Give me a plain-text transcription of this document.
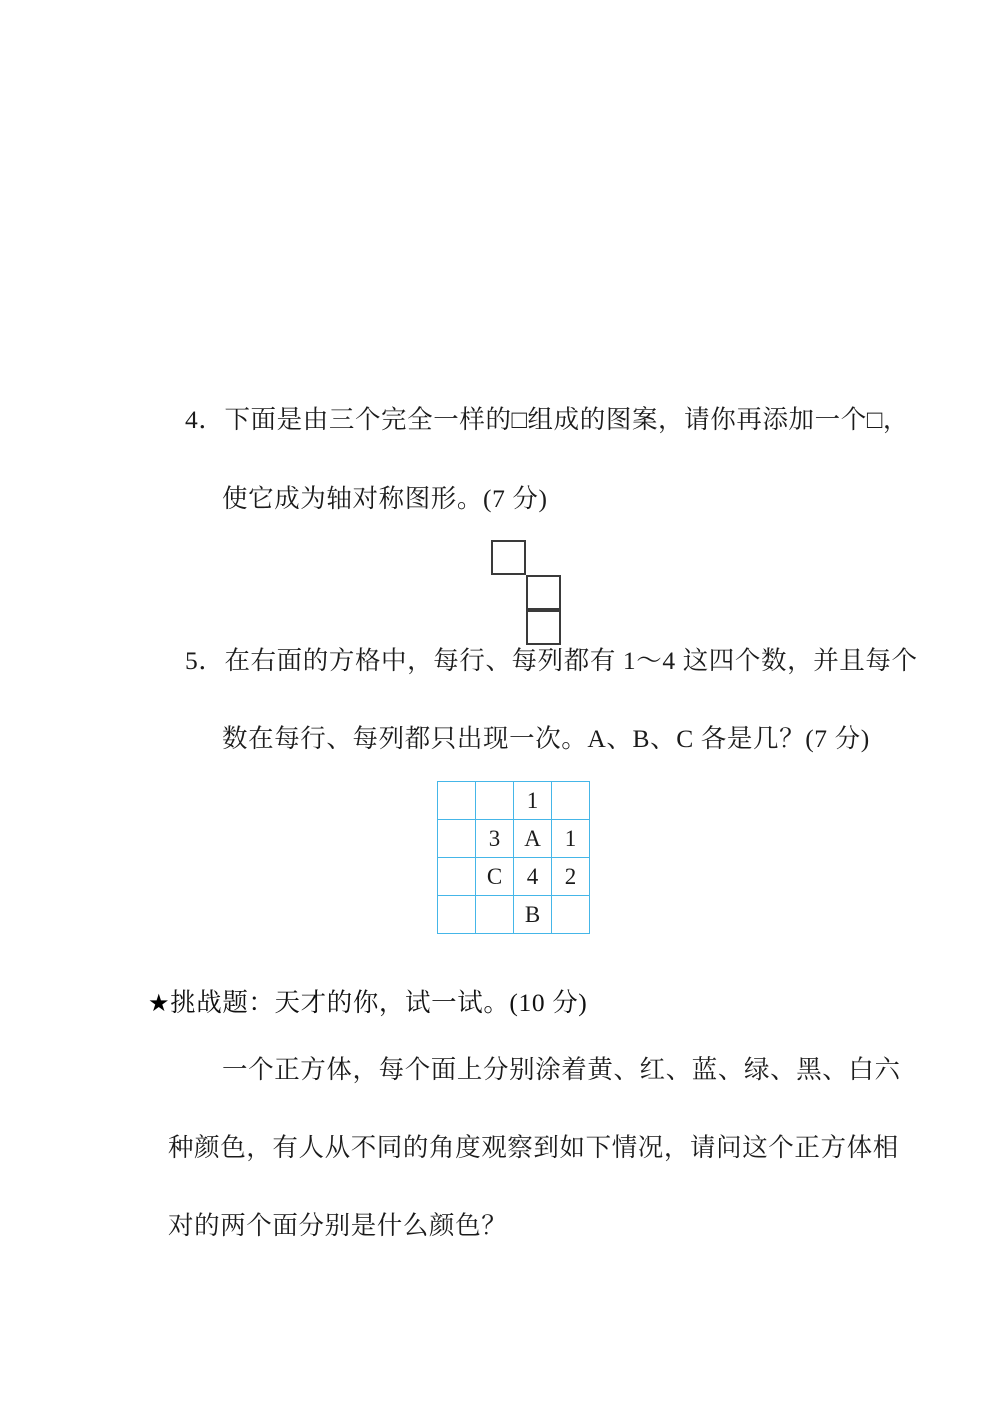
4．下面是由三个完全一样的□组成的图案，请你再添加一个□，
使它成为轴对称图形。(7 分)
5．在右面的方格中，每行、每列都有 1～4 这四个数，并且每个
数在每行、每列都只出现一次。A、B、C 各是几？(7 分)
		1	
	3	A	1
	C	4	2
		B	
★挑战题：天才的你，试一试。(10 分)
一个正方体，每个面上分别涂着黄、红、蓝、绿、黑、白六
种颜色，有人从不同的角度观察到如下情况，请问这个正方体相
对的两个面分别是什么颜色？
